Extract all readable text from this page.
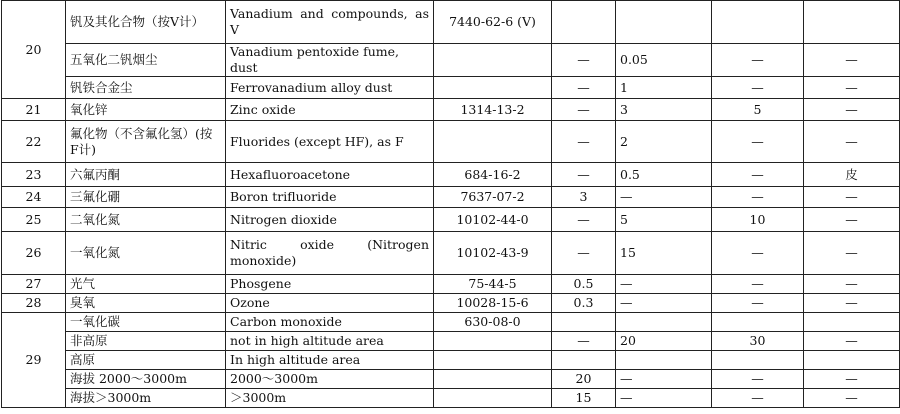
20	钒及其化合物（按V计）	Vanadium and compounds, as V	7440-62-6 (V)				
	五氧化二钒烟尘	Vanadium pentoxide fume, dust		—	0.05	—	—
	钒铁合金尘	Ferrovanadium alloy dust		—	1	—	—
21	氧化锌	Zinc oxide	1314-13-2	—	3	5	—
22	氟化物（不含氟化氢）(按F计)	Fluorides (except HF), as F		—	2	—	—
23	六氟丙酮	Hexafluoroacetone	684-16-2	—	0.5	—	皮
24	三氟化硼	Boron trifluoride	7637-07-2	3	—	—	—
25	二氧化氮	Nitrogen dioxide	10102-44-0	—	5	10	—
26	一氧化氮	Nitric oxide (Nitrogen monoxide)	10102-43-9	—	15	—	—
27	光气	Phosgene	75-44-5	0.5	—	—	—
28	臭氧	Ozone	10028-15-6	0.3	—	—	—
29	一氧化碳	Carbon monoxide	630-08-0				
	非高原	not in high altitude area		—	20	30	—
	高原	In high altitude area					
	海拔 2000～3000m	2000～3000m		20	—	—	—
	海拔＞3000m	＞3000m		15	—	—	—
